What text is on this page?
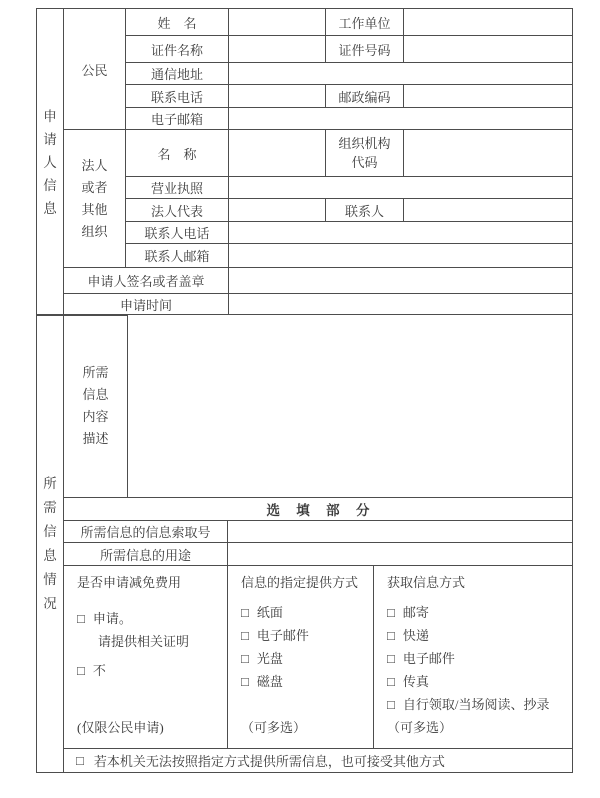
申请人信息	公民	姓　名		工作单位	
		证件名称		证件号码	
		通信地址			
		联系电话		邮政编码	
		电子邮箱			

	法人或者其他组织	名　称		组织机构代码	

		营业执照			
		法人代表		联系人	
		联系人电话			
		联系人邮箱			
	申请人签名或者盖章				
	申请时间				
所需信息情况	所需信息内容描述			

	选 填 部 分			
	所需信息的信息索取号			
	所需信息的用途			

是否申请减免费用
□ 申请。
请提供相关证明
□ 不
(仅限公民申请)

信息的指定提供方式
□ 纸面
□ 电子邮件
□ 光盘
□ 磁盘
（可多选）

获取信息方式
□ 邮寄
□ 快递
□ 电子邮件
□ 传真
□ 自行领取/当场阅读、抄录
（可多选）

	□ 若本机关无法按照指定方式提供所需信息，也可接受其他方式			
